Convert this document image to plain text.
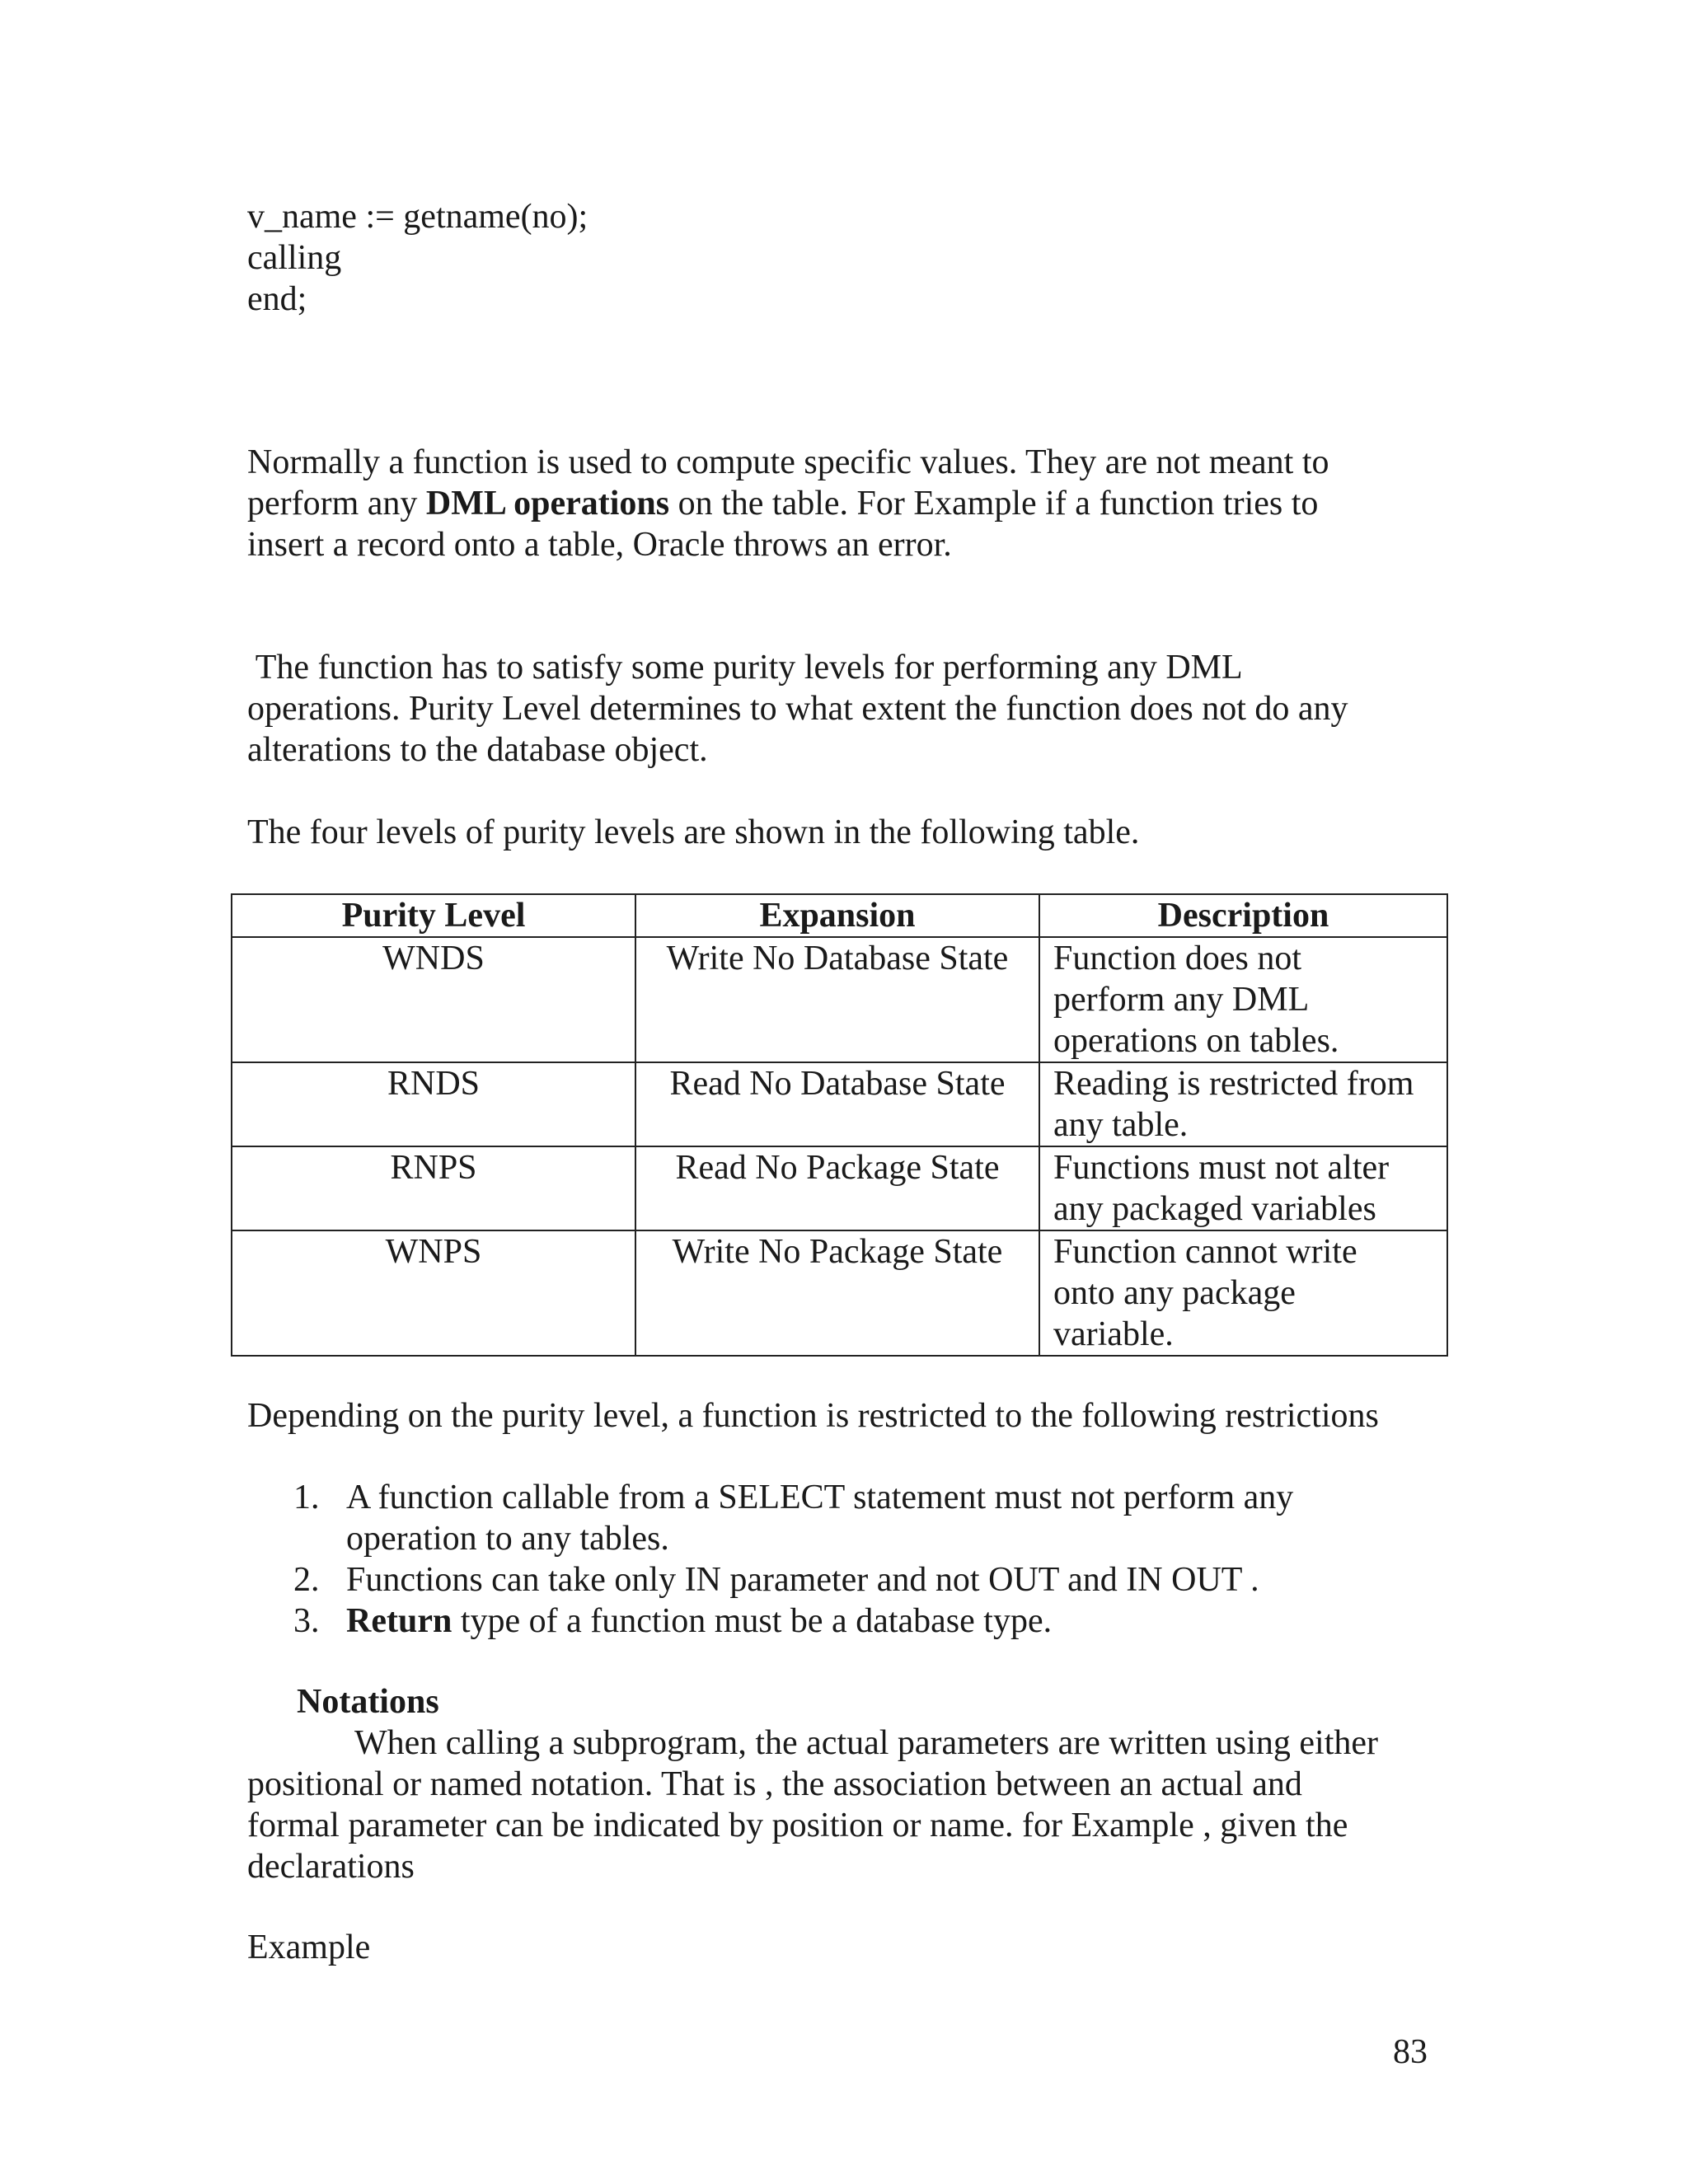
v_name := getname(no);
calling
end;
Normally a function is used to compute specific values. They are not meant to
perform any DML operations on the table. For Example if a function tries to
insert a record onto a table, Oracle throws an error.
The function has to satisfy some purity levels for performing any DML
operations. Purity Level determines to what extent the function does not do any
alterations to the database object.
The four levels of purity levels are shown in the following table.
Purity Level	Expansion	Description
WNDS	Write No Database State	Function does not
perform any DML
operations on tables.

RNDS	Read No Database State	Reading is restricted from
any table.

RNPS	Read No Package State	Functions must not alter
any packaged variables

WNPS	Write No Package State	Function cannot write
onto any package
variable.
Depending on the purity level, a function is restricted to the following restrictions
1. A function callable from a SELECT statement must not perform any
operation to any tables.
2. Functions can take only IN parameter and not OUT and IN OUT .
3. Return type of a function must be a database type.
Notations
When calling a subprogram, the actual parameters are written using either
positional or named notation. That is , the association between an actual and
formal parameter can be indicated by position or name. for Example , given the
declarations
Example
83
